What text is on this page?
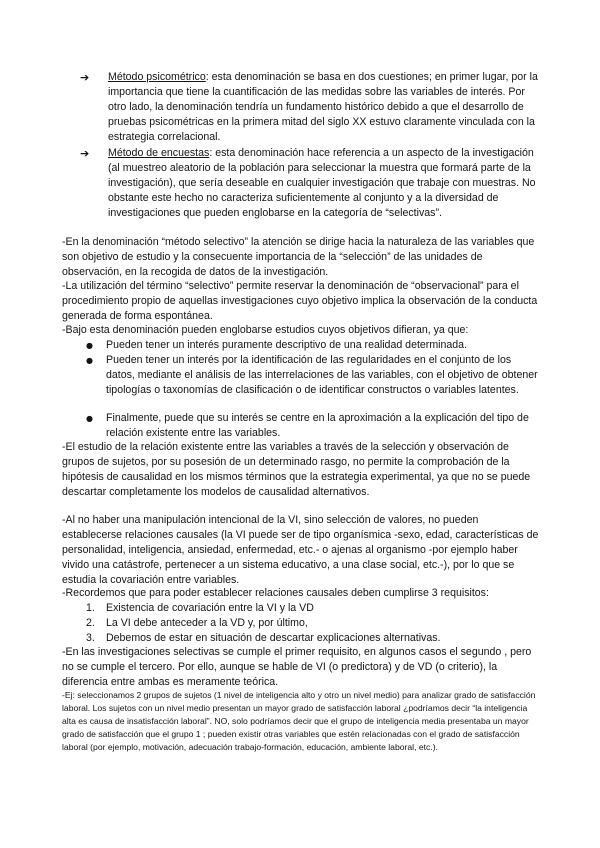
➔ Método psicométrico: esta denominación se basa en dos cuestiones; en primer lugar, por la importancia que tiene la cuantificación de las medidas sobre las variables de interés. Por otro lado, la denominación tendría un fundamento histórico debido a que el desarrollo de pruebas psicométricas en la primera mitad del siglo XX estuvo claramente vinculada con la estrategia correlacional.
➔ Método de encuestas: esta denominación hace referencia a un aspecto de la investigación (al muestreo aleatorio de la población para seleccionar la muestra que formará parte de la investigación), que sería deseable en cualquier investigación que trabaje con muestras. No obstante este hecho no caracteriza suficientemente al conjunto y a la diversidad de investigaciones que pueden englobarse en la categoría de “selectivas”.
-En la denominación “método selectivo” la atención se dirige hacia la naturaleza de las variables que son objetivo de estudio y la consecuente importancia de la “selección” de las unidades de observación, en la recogida de datos de la investigación.
-La utilización del término “selectivo” permite reservar la denominación de “observacional” para el procedimiento propio de aquellas investigaciones cuyo objetivo implica la observación de la conducta generada de forma espontánea.
-Bajo esta denominación pueden englobarse estudios cuyos objetivos difieran, ya que:
● Pueden tener un interés puramente descriptivo de una realidad determinada.
● Pueden tener un interés por la identificación de las regularidades en el conjunto de los datos, mediante el análisis de las interrelaciones de las variables, con el objetivo de obtener tipologías o taxonomías de clasificación o de identificar constructos o variables latentes.
● Finalmente, puede que su interés se centre en la aproximación a la explicación del tipo de relación existente entre las variables.
-El estudio de la relación existente entre las variables a través de la selección y observación de grupos de sujetos, por su posesión de un determinado rasgo, no permite la comprobación de la hipótesis de causalidad en los mismos términos que la estrategia experimental, ya que no se puede descartar completamente los modelos de causalidad alternativos.
-Al no haber una manipulación intencional de la VI, sino selección de valores, no pueden establecerse relaciones causales (la VI puede ser de tipo organísmica -sexo, edad, características de personalidad, inteligencia, ansiedad, enfermedad, etc.- o ajenas al organismo -por ejemplo haber vivido una catástrofe, pertenecer a un sistema educativo, a una clase social, etc.-), por lo que se estudia la covariación entre variables.
-Recordemos que para poder establecer relaciones causales deben cumplirse 3 requisitos:
1. Existencia de covariación entre la VI y la VD
2. La VI debe anteceder a la VD y, por último,
3. Debemos de estar en situación de descartar explicaciones alternativas.
-En las investigaciones selectivas se cumple el primer requisito, en algunos casos el segundo , pero no se cumple el tercero. Por ello, aunque se hable de VI (o predictora) y de VD (o criterio), la diferencia entre ambas es meramente teórica.
-Ej: seleccionamos 2 grupos de sujetos (1 nivel de inteligencia alto y otro un nivel medio) para analizar grado de satisfacción laboral. Los sujetos con un nivel medio presentan un mayor grado de satisfacción laboral ¿podríamos decir “la inteligencia alta es causa de insatisfacción laboral”. NO, solo podríamos decir que el grupo de inteligencia media presentaba un mayor grado de satisfacción que el grupo 1 ; pueden existir otras variables que estén relacionadas con el grado de satisfacción laboral (por ejemplo, motivación, adecuación trabajo-formación, educación, ambiente laboral, etc.).
